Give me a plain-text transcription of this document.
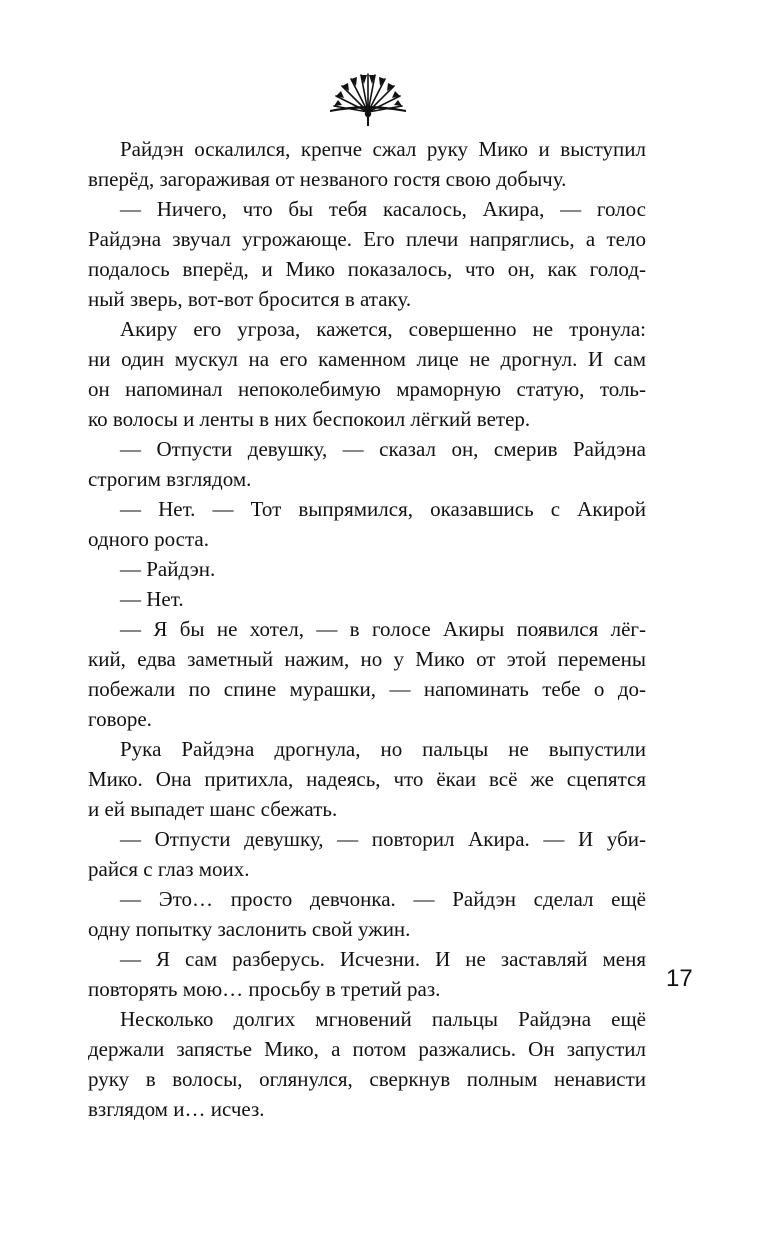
Райдэн оскалился, крепче сжал руку Мико и выступил
вперёд, загораживая от незваного гостя свою добычу.
— Ничего, что бы тебя касалось, Акира, — голос
Райдэна звучал угрожающе. Его плечи напряглись, а тело
подалось вперёд, и Мико показалось, что он, как голод-
ный зверь, вот-вот бросится в атаку.
Акиру его угроза, кажется, совершенно не тронула:
ни один мускул на его каменном лице не дрогнул. И сам
он напоминал непоколебимую мраморную статую, толь-
ко волосы и ленты в них беспокоил лёгкий ветер.
— Отпусти девушку, — сказал он, смерив Райдэна
строгим взглядом.
— Нет. — Тот выпрямился, оказавшись с Акирой
одного роста.
— Райдэн.
— Нет.
— Я бы не хотел, — в голосе Акиры появился лёг-
кий, едва заметный нажим, но у Мико от этой перемены
побежали по спине мурашки, — напоминать тебе о до-
говоре.
Рука Райдэна дрогнула, но пальцы не выпустили
Мико. Она притихла, надеясь, что ёкаи всё же сцепятся
и ей выпадет шанс сбежать.
— Отпусти девушку, — повторил Акира. — И уби-
райся с глаз моих.
— Это… просто девчонка. — Райдэн сделал ещё
одну попытку заслонить свой ужин.
— Я сам разберусь. Исчезни. И не заставляй меня
повторять мою… просьбу в третий раз.
Несколько долгих мгновений пальцы Райдэна ещё
держали запястье Мико, а потом разжались. Он запустил
руку в волосы, оглянулся, сверкнув полным ненависти
взглядом и… исчез.
17
